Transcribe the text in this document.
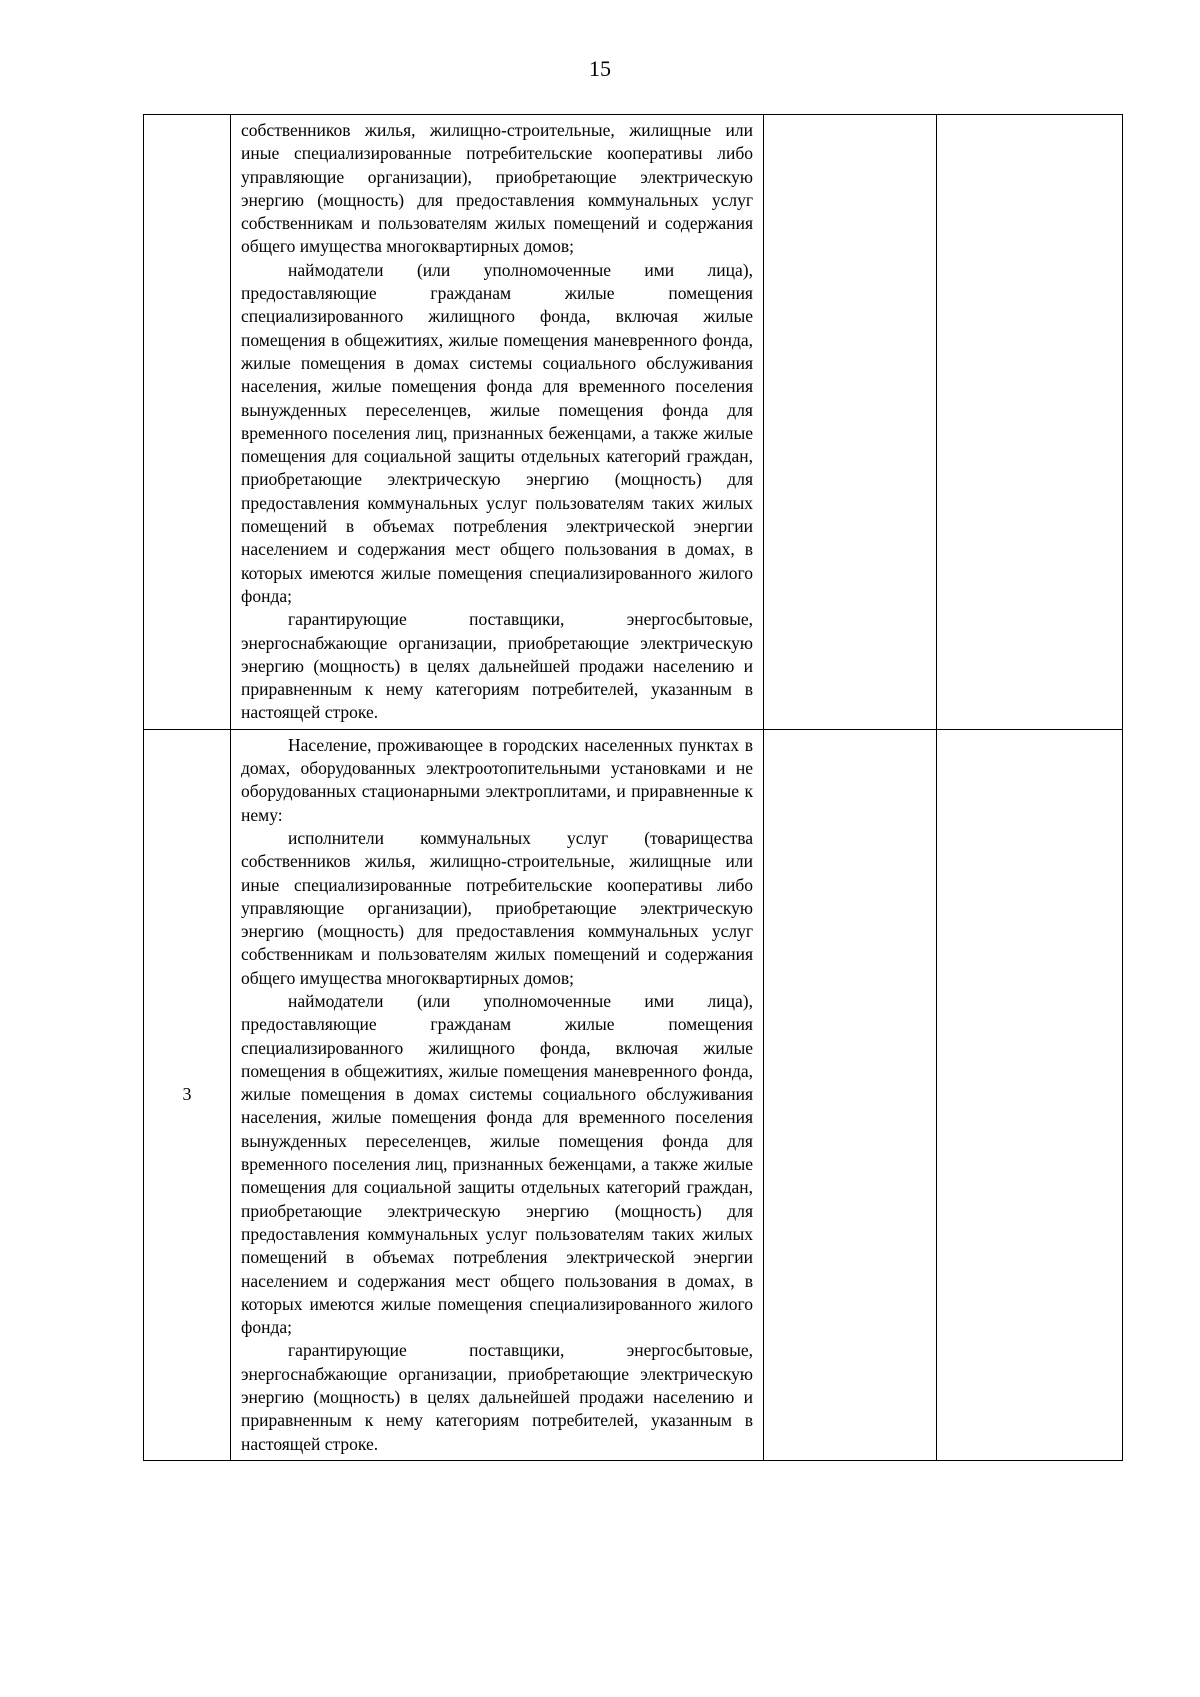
15

	собственников жилья, жилищно-строительные, жилищные или иные специализированные потребительские кооперативы либо управляющие организации), приобретающие электрическую энергию (мощность) для предоставления коммунальных услуг собственникам и пользователям жилых помещений и содержания общего имущества многоквартирных домов;

наймодатели (или уполномоченные ими лица), предоставляющие гражданам жилые помещения специализированного жилищного фонда, включая жилые помещения в общежитиях, жилые помещения маневренного фонда, жилые помещения в домах системы социального обслуживания населения, жилые помещения фонда для временного поселения вынужденных переселенцев, жилые помещения фонда для временного поселения лиц, признанных беженцами, а также жилые помещения для социальной защиты отдельных категорий граждан, приобретающие электрическую энергию (мощность) для предоставления коммунальных услуг пользователям таких жилых помещений в объемах потребления электрической энергии населением и содержания мест общего пользования в домах, в которых имеются жилые помещения специализированного жилого фонда;

гарантирующие поставщики, энергосбытовые, энергоснабжающие организации, приобретающие электрическую энергию (мощность) в целях дальнейшей продажи населению и приравненным к нему категориям потребителей, указанным в настоящей строке.		

3	Население, проживающее в городских населенных пунктах в домах, оборудованных электроотопительными установками и не оборудованных стационарными электроплитами, и приравненные к нему:

исполнители коммунальных услуг (товарищества собственников жилья, жилищно-строительные, жилищные или иные специализированные потребительские кооперативы либо управляющие организации), приобретающие электрическую энергию (мощность) для предоставления коммунальных услуг собственникам и пользователям жилых помещений и содержания общего имущества многоквартирных домов;

наймодатели (или уполномоченные ими лица), предоставляющие гражданам жилые помещения специализированного жилищного фонда, включая жилые помещения в общежитиях, жилые помещения маневренного фонда, жилые помещения в домах системы социального обслуживания населения, жилые помещения фонда для временного поселения вынужденных переселенцев, жилые помещения фонда для временного поселения лиц, признанных беженцами, а также жилые помещения для социальной защиты отдельных категорий граждан, приобретающие электрическую энергию (мощность) для предоставления коммунальных услуг пользователям таких жилых помещений в объемах потребления электрической энергии населением и содержания мест общего пользования в домах, в которых имеются жилые помещения специализированного жилого фонда;

гарантирующие поставщики, энергосбытовые, энергоснабжающие организации, приобретающие электрическую энергию (мощность) в целях дальнейшей продажи населению и приравненным к нему категориям потребителей, указанным в настоящей строке.		
